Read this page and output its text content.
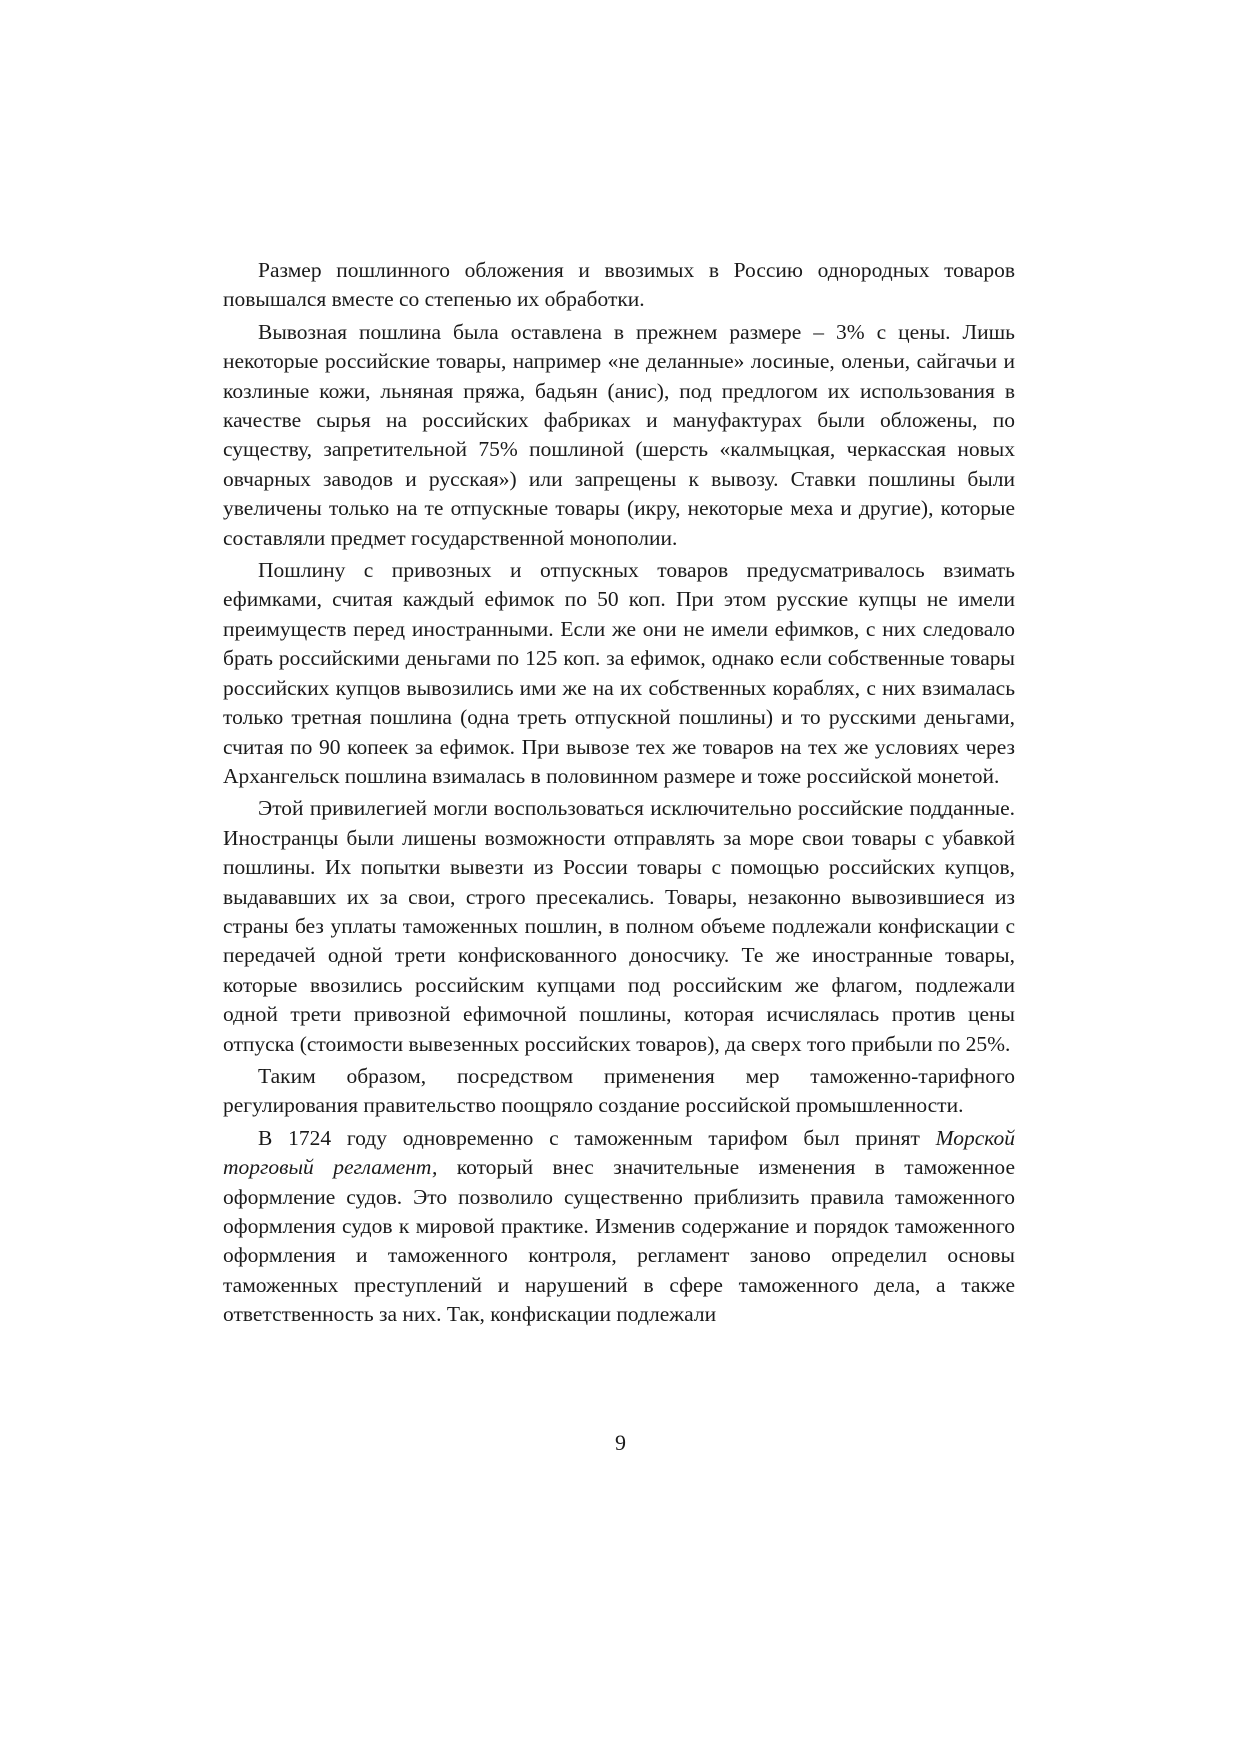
Размер пошлинного обложения и ввозимых в Россию однородных товаров повышался вместе со степенью их обработки.

Вывозная пошлина была оставлена в прежнем размере – 3% с цены. Лишь некоторые российские товары, например «не деланные» лосиные, оленьи, сайгачьи и козлиные кожи, льняная пряжа, бадьян (анис), под предлогом их использования в качестве сырья на российских фабриках и мануфактурах были обложены, по существу, запретительной 75% пошлиной (шерсть «калмыцкая, черкасская новых овчарных заводов и русская») или запрещены к вывозу. Ставки пошлины были увеличены только на те отпускные товары (икру, некоторые меха и другие), которые составляли предмет государственной монополии.

Пошлину с привозных и отпускных товаров предусматривалось взимать ефимками, считая каждый ефимок по 50 коп. При этом русские купцы не имели преимуществ перед иностранными. Если же они не имели ефимков, с них следовало брать российскими деньгами по 125 коп. за ефимок, однако если собственные товары российских купцов вывозились ими же на их собственных кораблях, с них взималась только третная пошлина (одна треть отпускной пошлины) и то русскими деньгами, считая по 90 копеек за ефимок. При вывозе тех же товаров на тех же условиях через Архангельск пошлина взималась в половинном размере и тоже российской монетой.

Этой привилегией могли воспользоваться исключительно российские подданные. Иностранцы были лишены возможности отправлять за море свои товары с убавкой пошлины. Их попытки вывезти из России товары с помощью российских купцов, выдававших их за свои, строго пресекались. Товары, незаконно вывозившиеся из страны без уплаты таможенных пошлин, в полном объеме подлежали конфискации с передачей одной трети конфискованного доносчику. Те же иностранные товары, которые ввозились российским купцами под российским же флагом, подлежали одной трети привозной ефимочной пошлины, которая исчислялась против цены отпуска (стоимости вывезенных российских товаров), да сверх того прибыли по 25%.

Таким образом, посредством применения мер таможенно-тарифного регулирования правительство поощряло создание российской промышленности.

В 1724 году одновременно с таможенным тарифом был принят Морской торговый регламент, который внес значительные изменения в таможенное оформление судов. Это позволило существенно приблизить правила таможенного оформления судов к мировой практике. Изменив содержание и порядок таможенного оформления и таможенного контроля, регламент заново определил основы таможенных преступлений и нарушений в сфере таможенного дела, а также ответственность за них. Так, конфискации подлежали

9
